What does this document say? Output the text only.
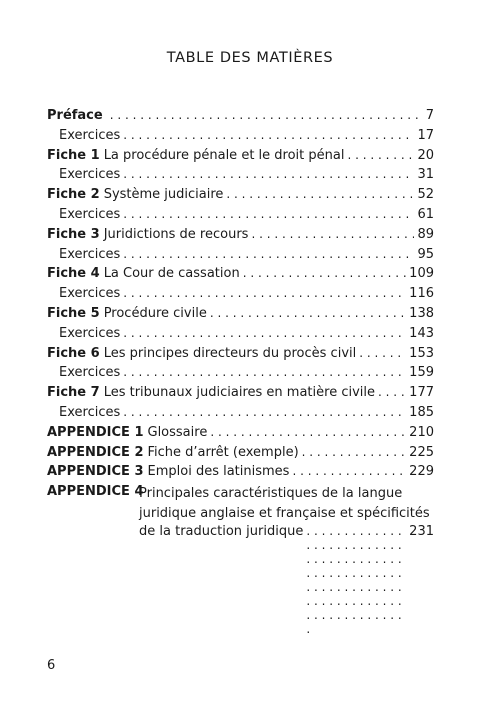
TABLE DES MATIÈRES
Préface . . .	7
Exercices . . .	17
Fiche 1 La procédure pénale et le droit pénal . . .	20
Exercices . . .	31
Fiche 2 Système judiciaire . . .	52
Exercices . . .	61
Fiche 3 Juridictions de recours . . .	89
Exercices . . .	95
Fiche 4 La Cour de cassation . . .	109
Exercices . . .	116
Fiche 5 Procédure civile . . .	138
Exercices . . .	143
Fiche 6 Les principes directeurs du procès civil . . .	153
Exercices . . .	159
Fiche 7 Les tribunaux judiciaires en matière civile . . .	177
Exercices . . .	185
APPENDICE 1 Glossaire . . .	210
APPENDICE 2 Fiche d’arrêt (exemple) . . .	225
APPENDICE 3 Emploi des latinismes . . .	229
APPENDICE 4
Principales caractéristiques de la langue
juridique anglaise et française et spécificités
de la traduction juridique . . .	231
6
